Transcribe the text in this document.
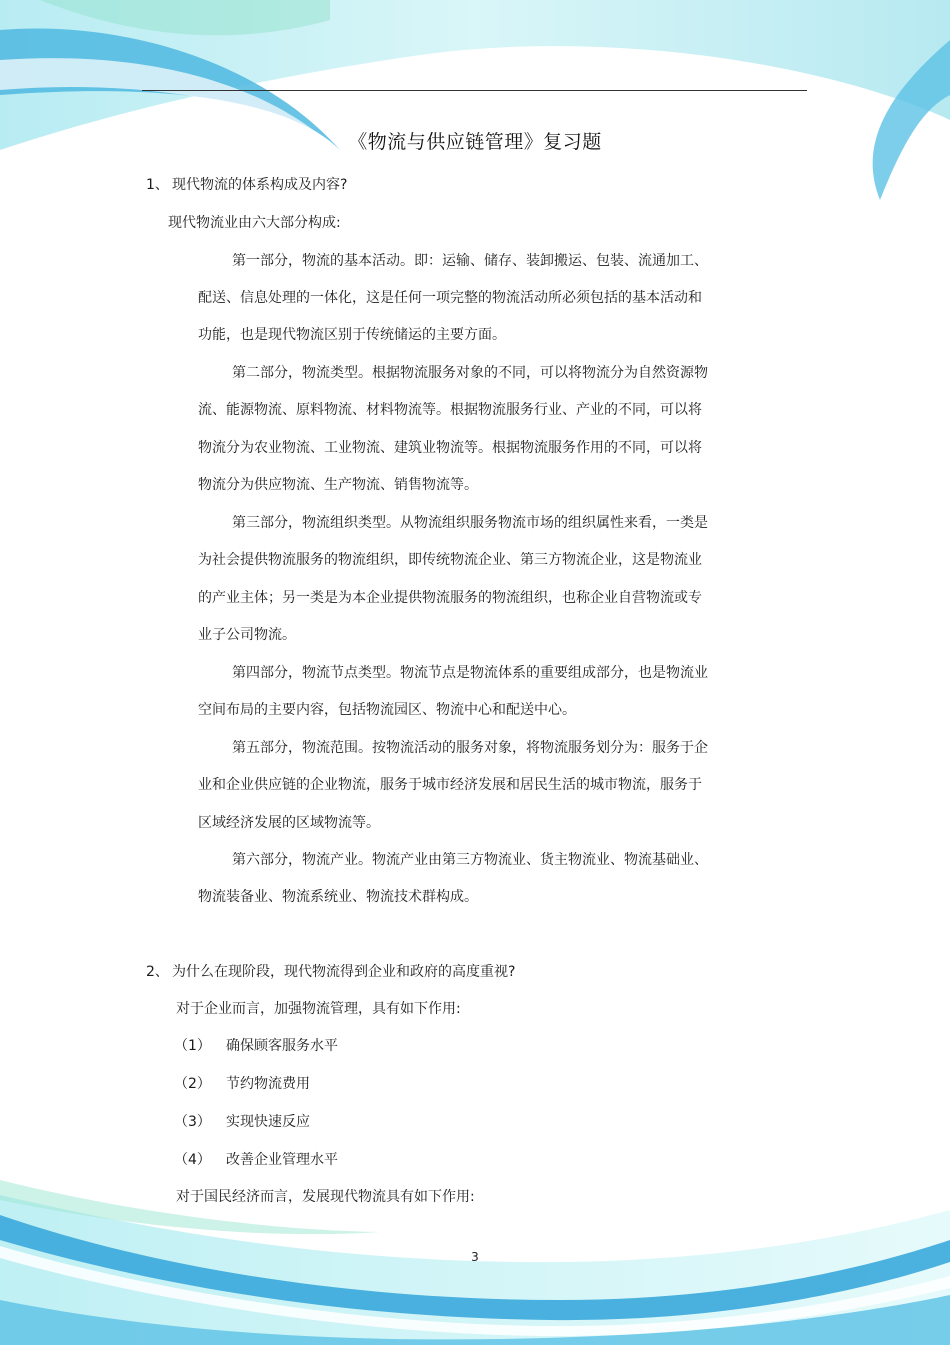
《物流与供应链管理》复习题
1、 现代物流的体系构成及内容?
现代物流业由六大部分构成:
第一部分，物流的基本活动。即：运输、储存、装卸搬运、包装、流通加工、
配送、信息处理的一体化，这是任何一项完整的物流活动所必须包括的基本活动和
功能，也是现代物流区别于传统储运的主要方面。
第二部分，物流类型。根据物流服务对象的不同，可以将物流分为自然资源物
流、能源物流、原料物流、材料物流等。根据物流服务行业、产业的不同，可以将
物流分为农业物流、工业物流、建筑业物流等。根据物流服务作用的不同，可以将
物流分为供应物流、生产物流、销售物流等。
第三部分，物流组织类型。从物流组织服务物流市场的组织属性来看，一类是
为社会提供物流服务的物流组织，即传统物流企业、第三方物流企业，这是物流业
的产业主体；另一类是为本企业提供物流服务的物流组织，也称企业自营物流或专
业子公司物流。
第四部分，物流节点类型。物流节点是物流体系的重要组成部分，也是物流业
空间布局的主要内容，包括物流园区、物流中心和配送中心。
第五部分，物流范围。按物流活动的服务对象，将物流服务划分为：服务于企
业和企业供应链的企业物流，服务于城市经济发展和居民生活的城市物流，服务于
区域经济发展的区域物流等。
第六部分，物流产业。物流产业由第三方物流业、货主物流业、物流基础业、
物流装备业、物流系统业、物流技术群构成。
2、 为什么在现阶段，现代物流得到企业和政府的高度重视?
对于企业而言，加强物流管理，具有如下作用:
（1） 确保顾客服务水平
（2） 节约物流费用
（3） 实现快速反应
（4） 改善企业管理水平
对于国民经济而言，发展现代物流具有如下作用:
3
